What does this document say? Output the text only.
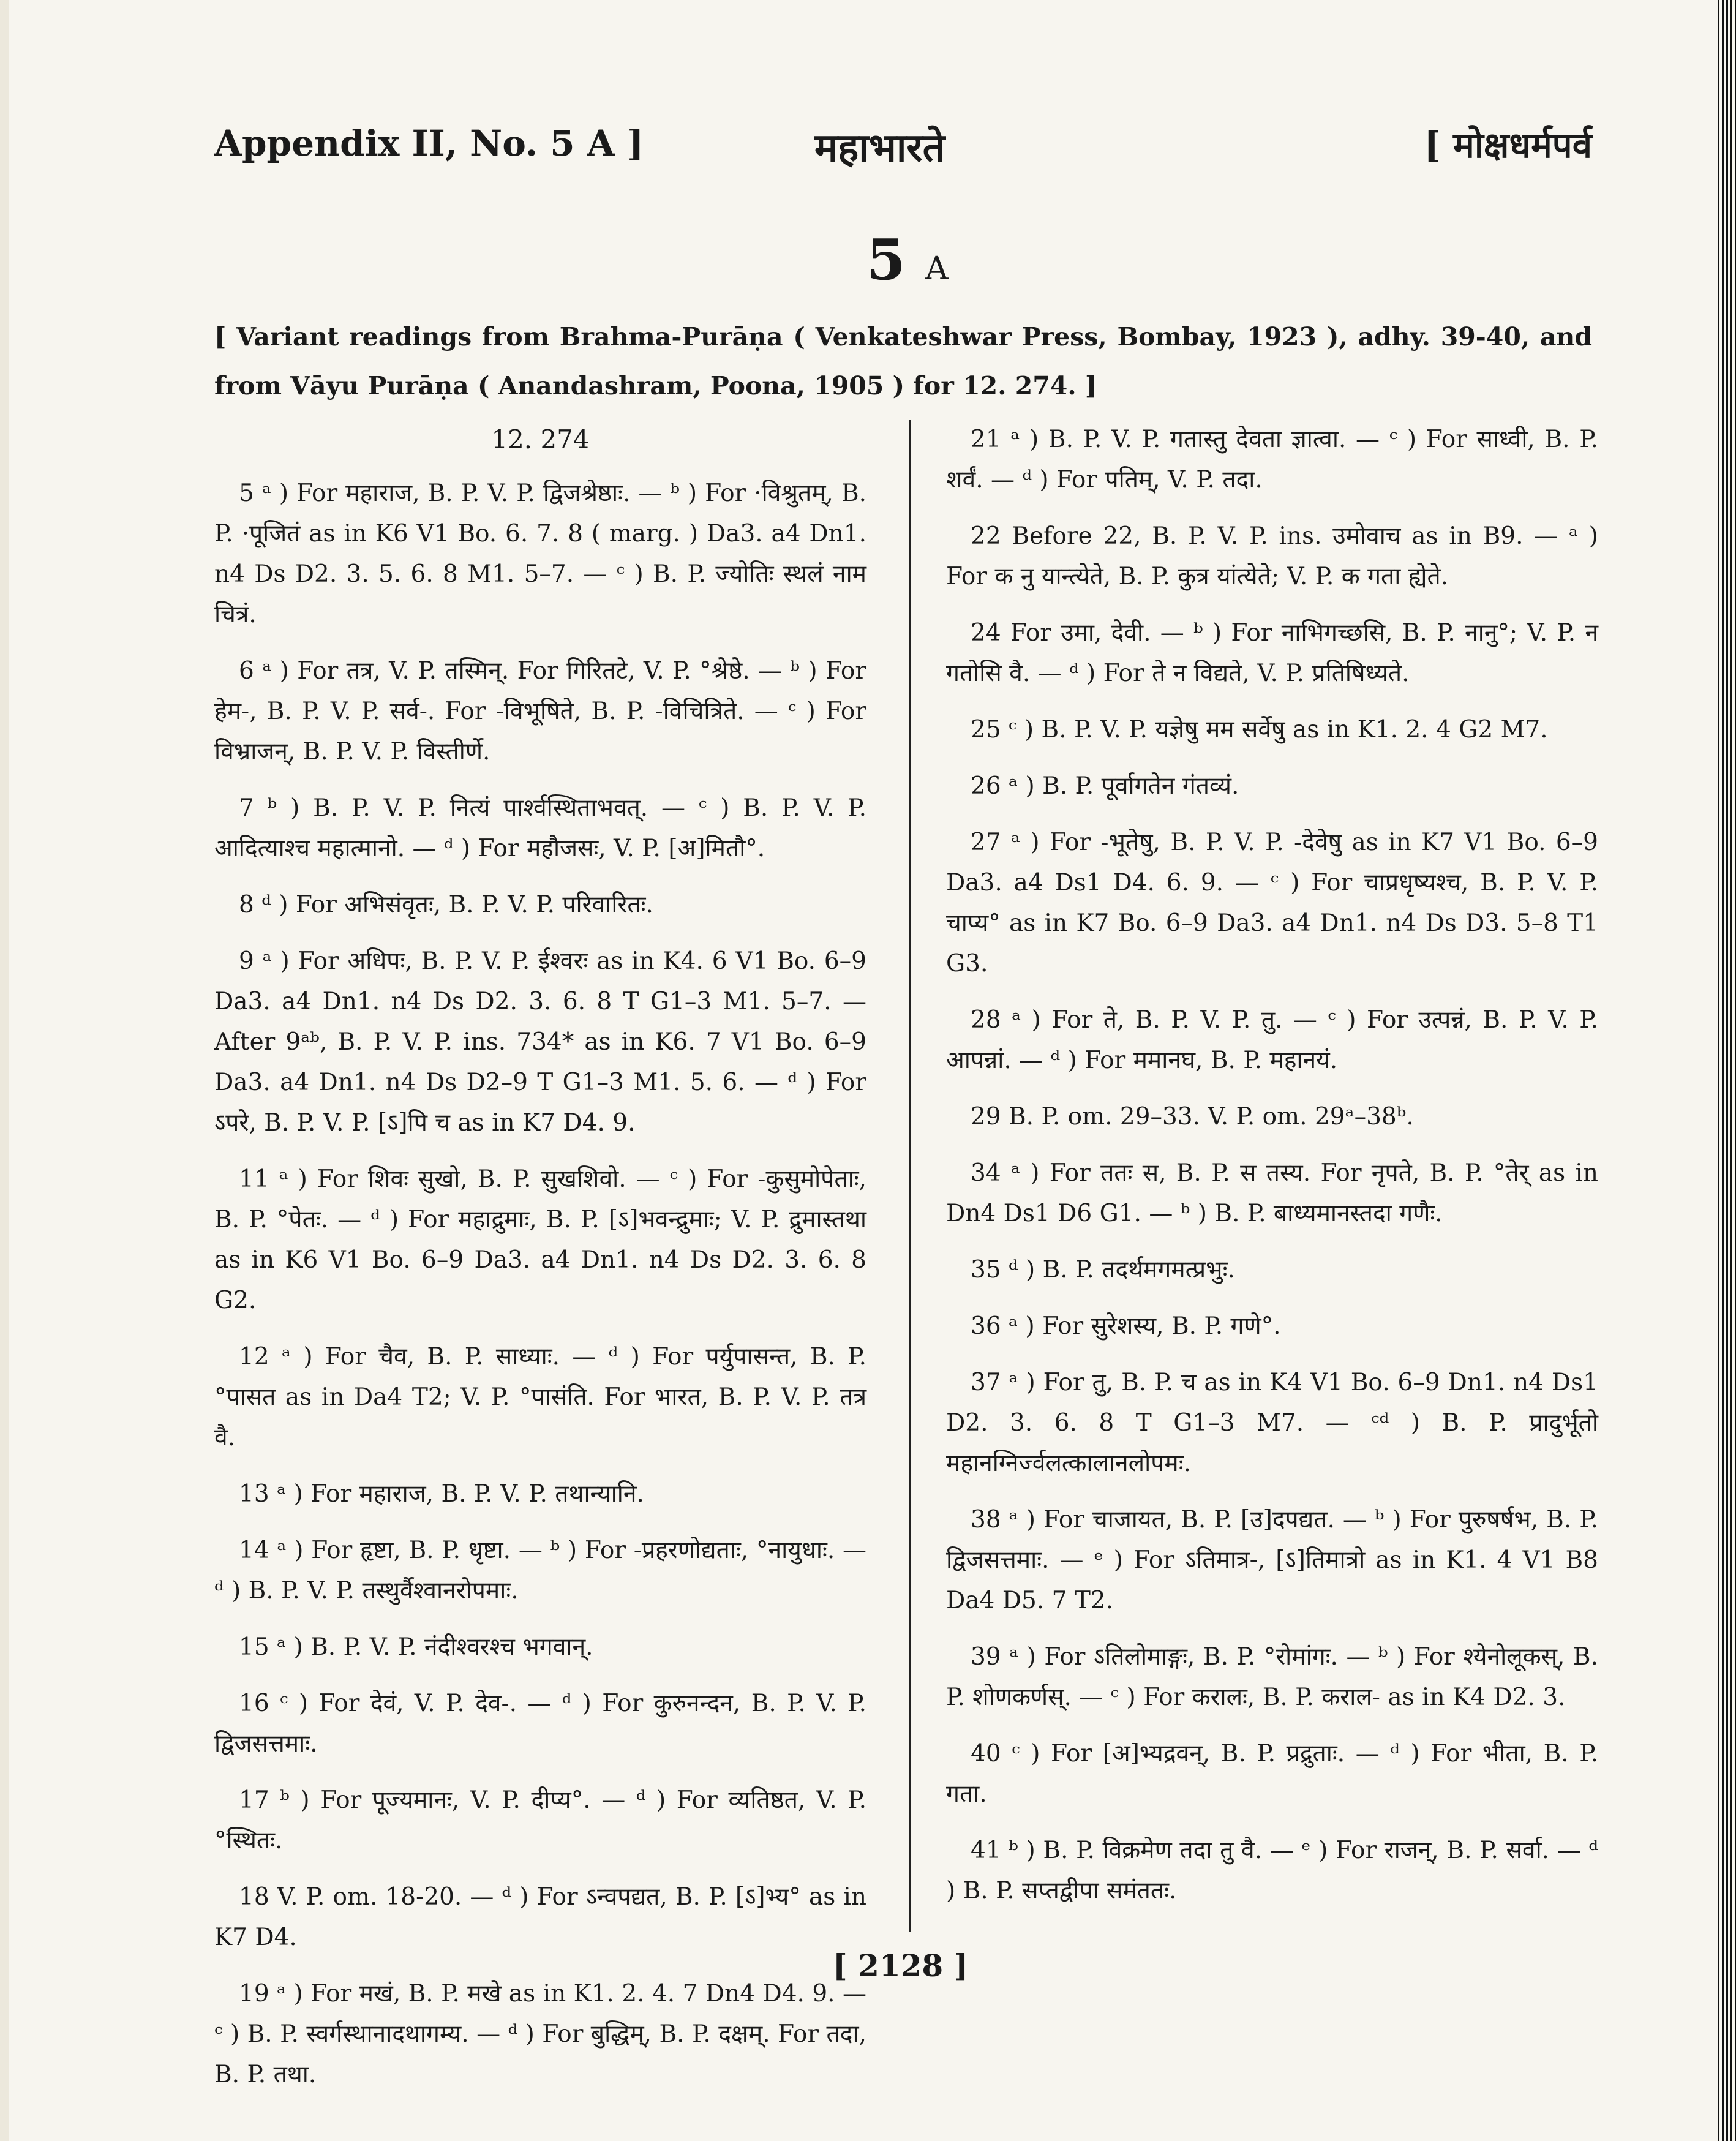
Appendix II, No. 5 A ]	महाभारते	[ मोक्षधर्मपर्व
5 A
[ Variant readings from Brahma-Purāṇa ( Venkateshwar Press, Bombay, 1923 ), adhy. 39-40, and from Vāyu Purāṇa ( Anandashram, Poona, 1905 ) for 12. 274. ]
12. 274

5 ᵃ ) For महाराज, B. P. V. P. द्विजश्रेष्ठाः. — ᵇ ) For ·विश्रुतम्, B. P. ·पूजितं as in K6 V1 Bo. 6. 7. 8 ( marg. ) Da3. a4 Dn1. n4 Ds D2. 3. 5. 6. 8 M1. 5–7. — ᶜ ) B. P. ज्योतिः स्थलं नाम चित्रं.

6 ᵃ ) For तत्र, V. P. तस्मिन्. For गिरितटे, V. P. °श्रेष्ठे. — ᵇ ) For हेम-, B. P. V. P. सर्व-. For -विभूषिते, B. P. -विचित्रिते. — ᶜ ) For विभ्राजन्, B. P. V. P. विस्तीर्णे.

7 ᵇ ) B. P. V. P. नित्यं पार्श्वस्थिताभवत्. — ᶜ ) B. P. V. P. आदित्याश्च महात्मानो. — ᵈ ) For महौजसः, V. P. [अ]मितौ°.

8 ᵈ ) For अभिसंवृतः, B. P. V. P. परिवारितः.

9 ᵃ ) For अधिपः, B. P. V. P. ईश्वरः as in K4. 6 V1 Bo. 6–9 Da3. a4 Dn1. n4 Ds D2. 3. 6. 8 T G1–3 M1. 5–7. — After 9ᵃᵇ, B. P. V. P. ins. 734* as in K6. 7 V1 Bo. 6–9 Da3. a4 Dn1. n4 Ds D2–9 T G1–3 M1. 5. 6. — ᵈ ) For ऽपरे, B. P. V. P. [ऽ]पि च as in K7 D4. 9.

11 ᵃ ) For शिवः सुखो, B. P. सुखशिवो. — ᶜ ) For -कुसुमोपेताः, B. P. °पेतः. — ᵈ ) For महाद्रुमाः, B. P. [ऽ]भवन्द्रुमाः; V. P. द्रुमास्तथा as in K6 V1 Bo. 6–9 Da3. a4 Dn1. n4 Ds D2. 3. 6. 8 G2.

12 ᵃ ) For चैव, B. P. साध्याः. — ᵈ ) For पर्युपासन्त, B. P. °पासत as in Da4 T2; V. P. °पासंति. For भारत, B. P. V. P. तत्र वै.

13 ᵃ ) For महाराज, B. P. V. P. तथान्यानि.

14 ᵃ ) For हृष्टा, B. P. धृष्टा. — ᵇ ) For -प्रहरणोद्यताः, °नायुधाः. — ᵈ ) B. P. V. P. तस्थुर्वैश्वानरोपमाः.

15 ᵃ ) B. P. V. P. नंदीश्वरश्च भगवान्.

16 ᶜ ) For देवं, V. P. देव-. — ᵈ ) For कुरुनन्दन, B. P. V. P. द्विजसत्तमाः.

17 ᵇ ) For पूज्यमानः, V. P. दीप्य°. — ᵈ ) For व्यतिष्ठत, V. P. °स्थितः.

18 V. P. om. 18-20. — ᵈ ) For ऽन्वपद्यत, B. P. [ऽ]भ्य° as in K7 D4.

19 ᵃ ) For मखं, B. P. मखे as in K1. 2. 4. 7 Dn4 D4. 9. — ᶜ ) B. P. स्वर्गस्थानादथागम्य. — ᵈ ) For बुद्धिम्, B. P. दक्षम्. For तदा, B. P. तथा.

21 ᵃ ) B. P. V. P. गतास्तु देवता ज्ञात्वा. — ᶜ ) For साध्वी, B. P. शर्वं. — ᵈ ) For पतिम्, V. P. तदा.

22 Before 22, B. P. V. P. ins. उमोवाच as in B9. — ᵃ ) For क नु यान्त्येते, B. P. कुत्र यांत्येते; V. P. क गता ह्येते.

24 For उमा, देवी. — ᵇ ) For नाभिगच्छसि, B. P. नानु°; V. P. न गतोसि वै. — ᵈ ) For ते न विद्यते, V. P. प्रतिषिध्यते.

25 ᶜ ) B. P. V. P. यज्ञेषु मम सर्वेषु as in K1. 2. 4 G2 M7.

26 ᵃ ) B. P. पूर्वागतेन गंतव्यं.

27 ᵃ ) For -भूतेषु, B. P. V. P. -देवेषु as in K7 V1 Bo. 6–9 Da3. a4 Ds1 D4. 6. 9. — ᶜ ) For चाप्रधृष्यश्च, B. P. V. P. चाप्य° as in K7 Bo. 6–9 Da3. a4 Dn1. n4 Ds D3. 5–8 T1 G3.

28 ᵃ ) For ते, B. P. V. P. तु. — ᶜ ) For उत्पन्नं, B. P. V. P. आपन्नां. — ᵈ ) For ममानघ, B. P. महानयं.

29 B. P. om. 29–33. V. P. om. 29ᵃ–38ᵇ.

34 ᵃ ) For ततः स, B. P. स तस्य. For नृपते, B. P. °तेर् as in Dn4 Ds1 D6 G1. — ᵇ ) B. P. बाध्यमानस्तदा गणैः.

35 ᵈ ) B. P. तदर्थमगमत्प्रभुः.

36 ᵃ ) For सुरेशस्य, B. P. गणे°.

37 ᵃ ) For तु, B. P. च as in K4 V1 Bo. 6–9 Dn1. n4 Ds1 D2. 3. 6. 8 T G1–3 M7. — ᶜᵈ ) B. P. प्रादुर्भूतो महानग्निर्ज्वलत्कालानलोपमः.

38 ᵃ ) For चाजायत, B. P. [उ]दपद्यत. — ᵇ ) For पुरुषर्षभ, B. P. द्विजसत्तमाः. — ᵉ ) For ऽतिमात्र-, [ऽ]तिमात्रो as in K1. 4 V1 B8 Da4 D5. 7 T2.

39 ᵃ ) For ऽतिलोमाङ्गः, B. P. °रोमांगः. — ᵇ ) For श्येनोलूकस्, B. P. शोणकर्णस्. — ᶜ ) For करालः, B. P. कराल- as in K4 D2. 3.

40 ᶜ ) For [अ]भ्यद्रवन्, B. P. प्रद्रुताः. — ᵈ ) For भीता, B. P. गता.

41 ᵇ ) B. P. विक्रमेण तदा तु वै. — ᵉ ) For राजन्, B. P. सर्वा. — ᵈ ) B. P. सप्तद्वीपा समंततः.

[ 2128 ]
